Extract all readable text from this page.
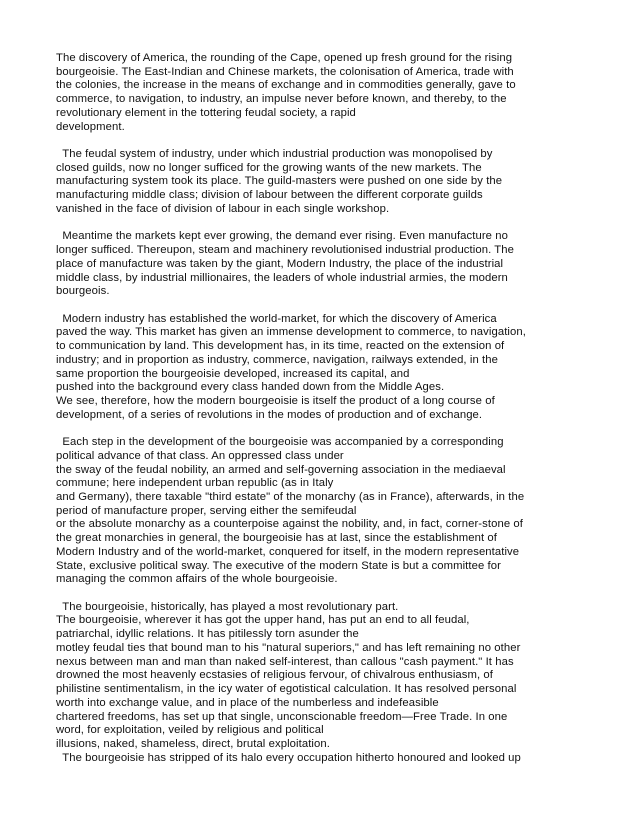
The discovery of America, the rounding of the Cape, opened up fresh ground for the rising
bourgeoisie. The East-Indian and Chinese markets, the colonisation of America, trade with
the colonies, the increase in the means of exchange and in commodities generally, gave to
commerce, to navigation, to industry, an impulse never before known, and thereby, to the
revolutionary element in the tottering feudal society, a rapid
development.

The feudal system of industry, under which industrial production was monopolised by
closed guilds, now no longer sufficed for the growing wants of the new markets. The
manufacturing system took its place. The guild-masters were pushed on one side by the
manufacturing middle class; division of labour between the different corporate guilds
vanished in the face of division of labour in each single workshop.

Meantime the markets kept ever growing, the demand ever rising. Even manufacture no
longer sufficed. Thereupon, steam and machinery revolutionised industrial production. The
place of manufacture was taken by the giant, Modern Industry, the place of the industrial
middle class, by industrial millionaires, the leaders of whole industrial armies, the modern
bourgeois.

Modern industry has established the world-market, for which the discovery of America
paved the way. This market has given an immense development to commerce, to navigation,
to communication by land. This development has, in its time, reacted on the extension of
industry; and in proportion as industry, commerce, navigation, railways extended, in the
same proportion the bourgeoisie developed, increased its capital, and
pushed into the background every class handed down from the Middle Ages.
We see, therefore, how the modern bourgeoisie is itself the product of a long course of
development, of a series of revolutions in the modes of production and of exchange.

Each step in the development of the bourgeoisie was accompanied by a corresponding
political advance of that class. An oppressed class under
the sway of the feudal nobility, an armed and self-governing association in the mediaeval
commune; here independent urban republic (as in Italy
and Germany), there taxable "third estate" of the monarchy (as in France), afterwards, in the
period of manufacture proper, serving either the semifeudal
or the absolute monarchy as a counterpoise against the nobility, and, in fact, corner-stone of
the great monarchies in general, the bourgeoisie has at last, since the establishment of
Modern Industry and of the world-market, conquered for itself, in the modern representative
State, exclusive political sway. The executive of the modern State is but a committee for
managing the common affairs of the whole bourgeoisie.

The bourgeoisie, historically, has played a most revolutionary part.
The bourgeoisie, wherever it has got the upper hand, has put an end to all feudal,
patriarchal, idyllic relations. It has pitilessly torn asunder the
motley feudal ties that bound man to his "natural superiors," and has left remaining no other
nexus between man and man than naked self-interest, than callous "cash payment." It has
drowned the most heavenly ecstasies of religious fervour, of chivalrous enthusiasm, of
philistine sentimentalism, in the icy water of egotistical calculation. It has resolved personal
worth into exchange value, and in place of the numberless and indefeasible
chartered freedoms, has set up that single, unconscionable freedom—Free Trade. In one
word, for exploitation, veiled by religious and political
illusions, naked, shameless, direct, brutal exploitation.
The bourgeoisie has stripped of its halo every occupation hitherto honoured and looked up
